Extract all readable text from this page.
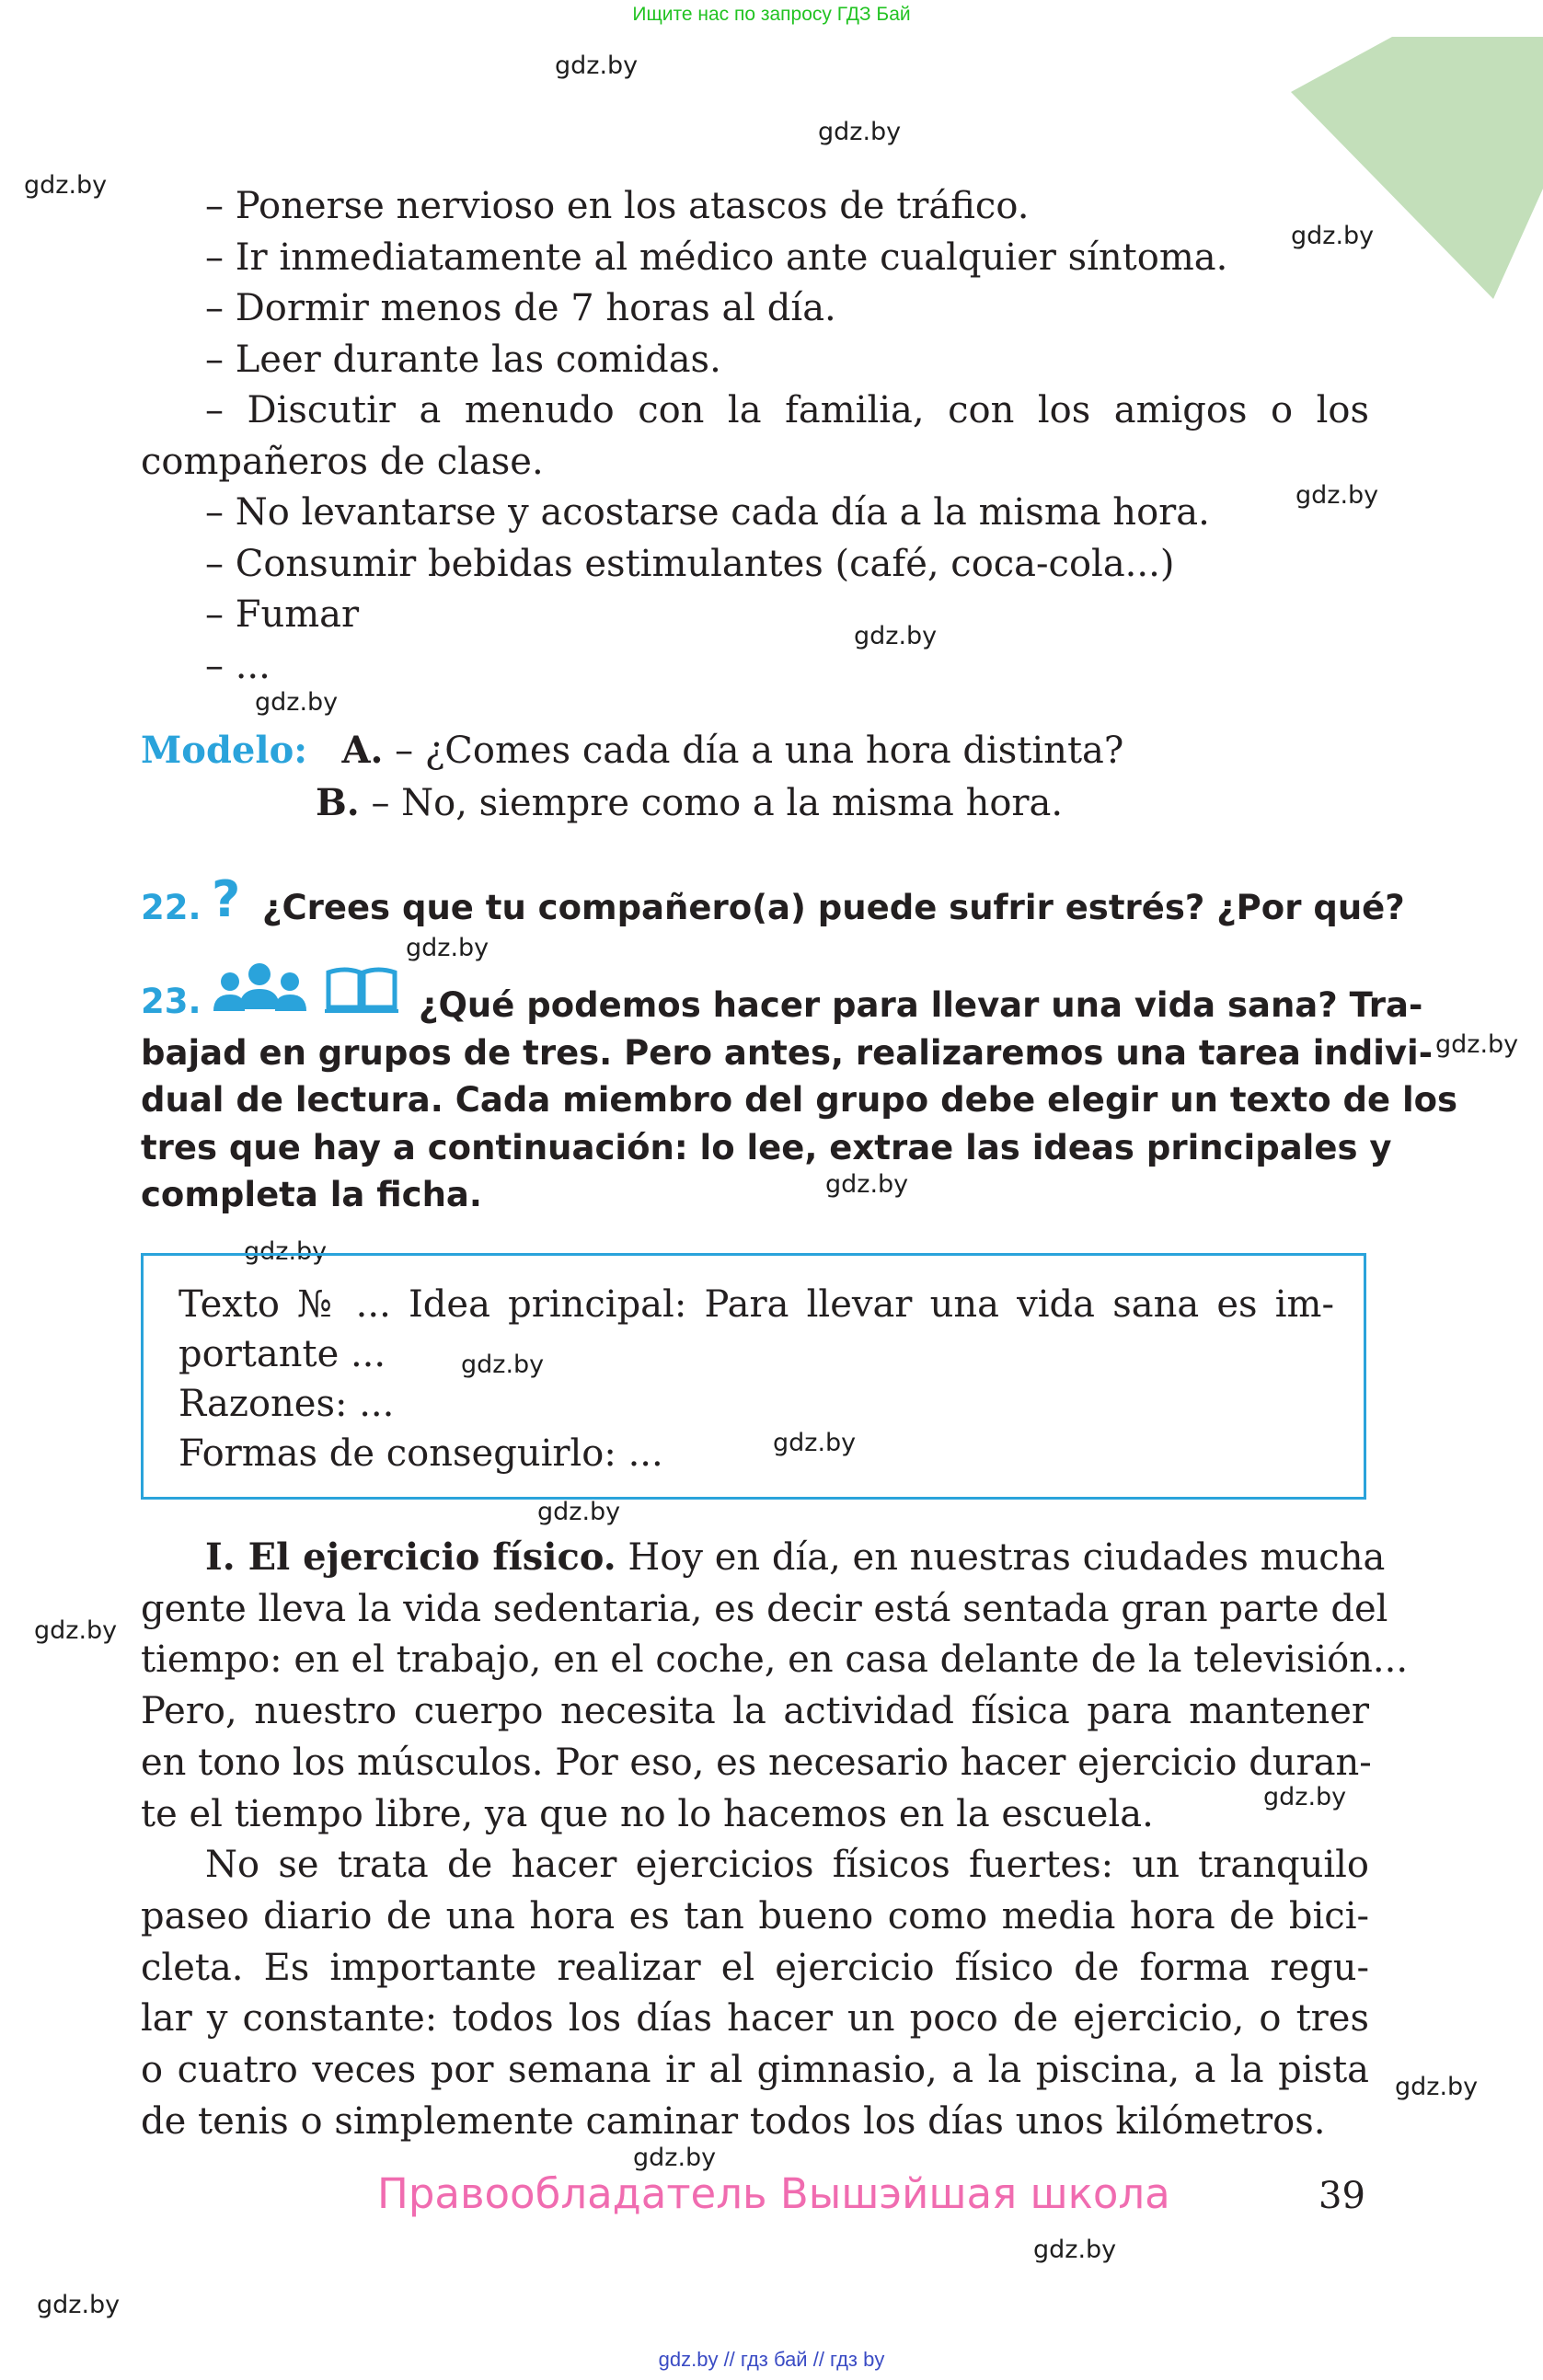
Ищите нас по запросу ГДЗ Бай
gdz.by
gdz.by
gdz.by
gdz.by
gdz.by
gdz.by
gdz.by
gdz.by
gdz.by
gdz.by
gdz.by
gdz.by
gdz.by
gdz.by
gdz.by
gdz.by
gdz.by
gdz.by
gdz.by
gdz.by
– Ponerse nervioso en los atascos de tráfico.
– Ir inmediatamente al médico ante cualquier síntoma.
– Dormir menos de 7 horas al día.
– Leer durante las comidas.
– Discutir a menudo con la familia, con los amigos o los
compañeros de clase.
– No levantarse y acostarse cada día a la misma hora.
– Consumir bebidas estimulantes (café, coca-cola...)
– Fumar
– ...
Modelo: A. – ¿Comes cada día a una hora distinta?
B. – No, siempre como a la misma hora.
22. ? ¿Crees que tu compañero(a) puede sufrir estrés? ¿Por qué?
23.	¿Qué podemos hacer para llevar una vida sana? Tra-
bajad en grupos de tres. Pero antes, realizaremos una tarea indivi-
dual de lectura. Cada miembro del grupo debe elegir un texto de los
tres que hay a continuación: lo lee, extrae las ideas principales y
completa la ficha.
Texto № ... Idea principal: Para llevar una vida sana es im-
portante ...
Razones: ...
Formas de conseguirlo: ...
I. El ejercicio físico. Hoy en día, en nuestras ciudades mucha
gente lleva la vida sedentaria, es decir está sentada gran parte del
tiempo: en el trabajo, en el coche, en casa delante de la televisión...
Pero, nuestro cuerpo necesita la actividad física para mantener
en tono los músculos. Por eso, es necesario hacer ejercicio duran-
te el tiempo libre, ya que no lo hacemos en la escuela.
No se trata de hacer ejercicios físicos fuertes: un tranquilo
paseo diario de una hora es tan bueno como media hora de bici-
cleta. Es importante realizar el ejercicio físico de forma regu-
lar y constante: todos los días hacer un poco de ejercicio, o tres
o cuatro veces por semana ir al gimnasio, a la piscina, a la pista
de tenis o simplemente caminar todos los días unos kilómetros.
Правообладатель Вышэйшая школа	39
gdz.by // гдз бай // гдз by
